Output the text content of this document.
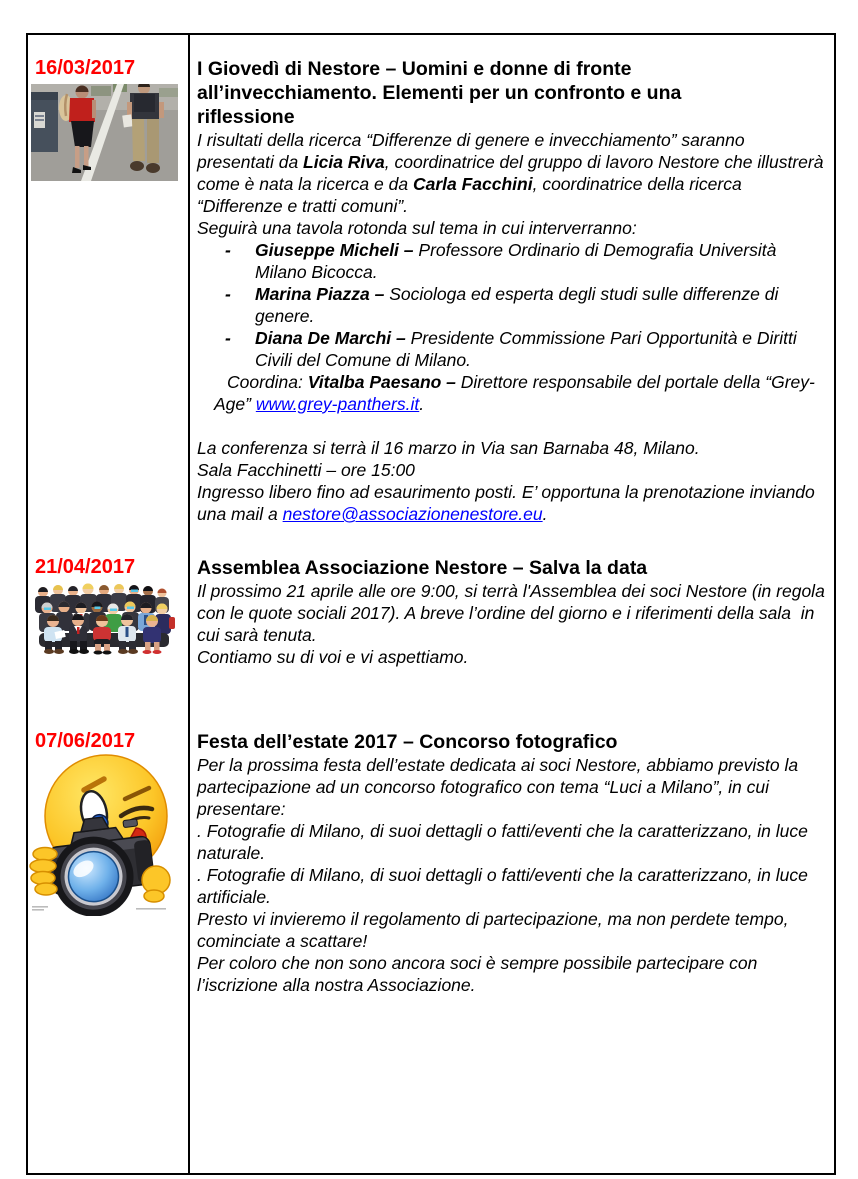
16/03/2017	I Giovedì di Nestore – Uomini e donne di fronte
all’invecchiamento. Elementi per un confronto e una
riflessione
I risultati della ricerca “Differenze di genere e invecchiamento” saranno presentati da Licia Riva, coordinatrice del gruppo di lavoro Nestore che illustrerà come è nata la ricerca e da Carla Facchini, coordinatrice della ricerca “Differenze e tratti comuni”.
Seguirà una tavola rotonda sul tema in cui interverranno:
- Giuseppe Micheli – Professore Ordinario di Demografia Università Milano Bicocca.
- Marina Piazza – Sociologa ed esperta degli studi sulle differenze di genere.
- Diana De Marchi – Presidente Commissione Pari Opportunità e Diritti Civili del Comune di Milano.
Coordina: Vitalba Paesano – Direttore responsabile del portale della “Grey-Age” www.grey-panthers.it.
La conferenza si terrà il 16 marzo in Via san Barnaba 48, Milano.
Sala Facchinetti – ore 15:00
Ingresso libero fino ad esaurimento posti. E’ opportuna la prenotazione inviando una mail a nestore@associazionenestore.eu.
21/04/2017	Assemblea Associazione Nestore – Salva la data
Il prossimo 21 aprile alle ore 9:00, si terrà l'Assemblea dei soci Nestore (in regola con le quote sociali 2017). A breve l’ordine del giorno e i riferimenti della sala  in cui sarà tenuta.
Contiamo su di voi e vi aspettiamo.
07/06/2017	Festa dell’estate 2017 – Concorso fotografico
Per la prossima festa dell’estate dedicata ai soci Nestore, abbiamo previsto la partecipazione ad un concorso fotografico con tema “Luci a Milano”, in cui presentare:
. Fotografie di Milano, di suoi dettagli o fatti/eventi che la caratterizzano, in luce naturale.
. Fotografie di Milano, di suoi dettagli o fatti/eventi che la caratterizzano, in luce artificiale.
Presto vi invieremo il regolamento di partecipazione, ma non perdete tempo, cominciate a scattare!
Per coloro che non sono ancora soci è sempre possibile partecipare con l’iscrizione alla nostra Associazione.
